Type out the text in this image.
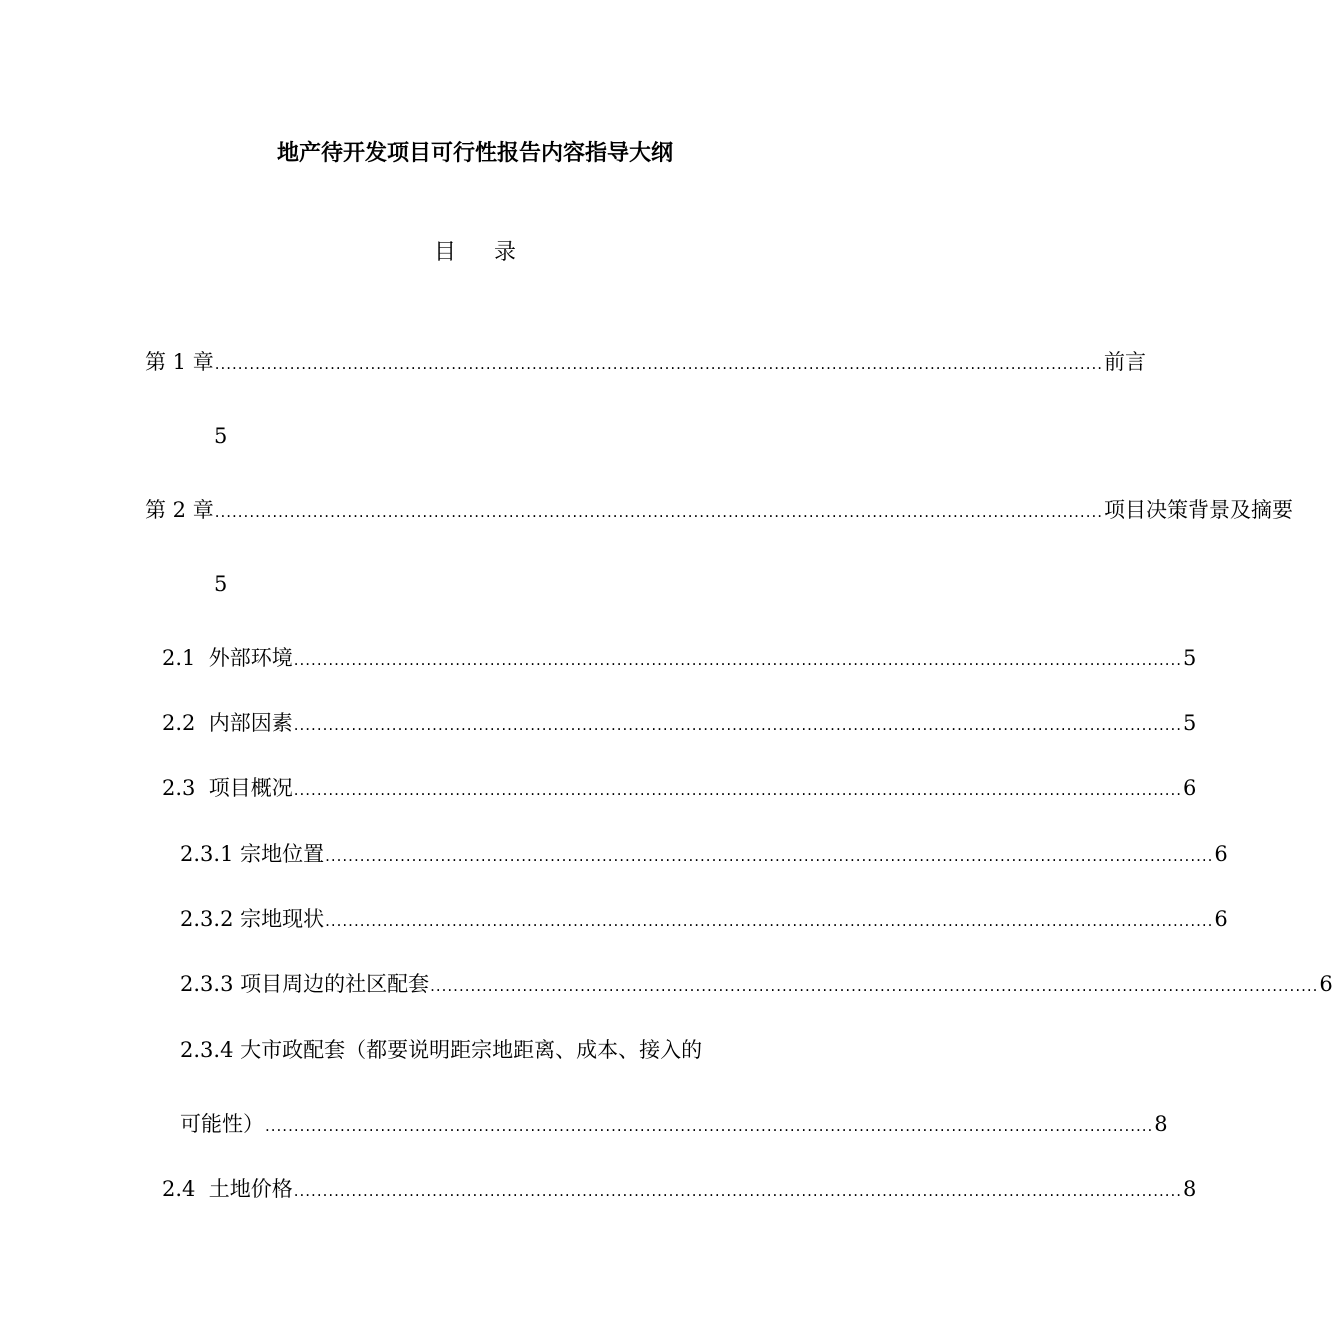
地产待开发项目可行性报告内容指导大纲
目录
第 1 章 .......................................................................................................................................................... 前言
5
第 2 章 .......................................................................................................................................................... 项目决策背景及摘要
5
2.1  外部环境 .......................................................................................................................................................... 5
2.2  内部因素 .......................................................................................................................................................... 5
2.3  项目概况 .......................................................................................................................................................... 6
2.3.1 宗地位置 .......................................................................................................................................................... 6
2.3.2 宗地现状 .......................................................................................................................................................... 6
2.3.3 项目周边的社区配套 .......................................................................................................................................................... 6
2.3.4 大市政配套（都要说明距宗地距离、成本、接入的
可能性） .......................................................................................................................................................... 8
2.4  土地价格 .......................................................................................................................................................... 8
